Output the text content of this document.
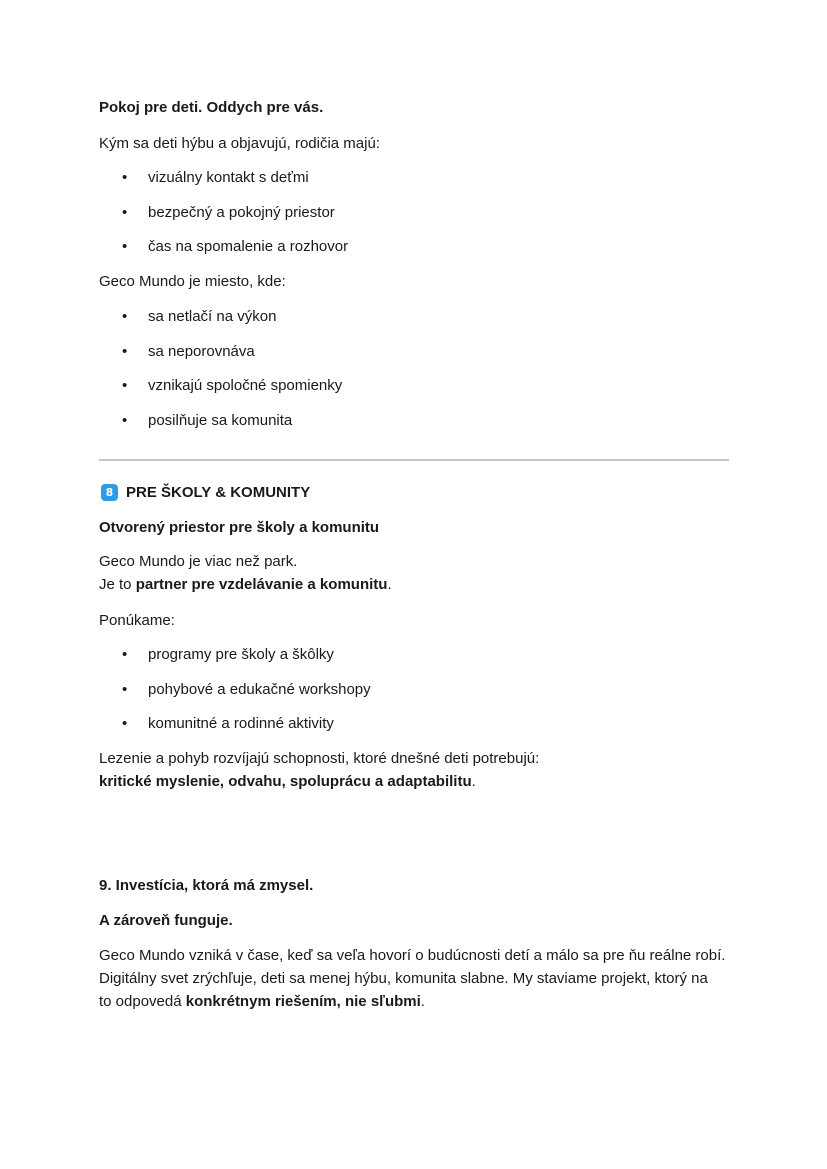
Pokoj pre deti. Oddych pre vás.
Kým sa deti hýbu a objavujú, rodičia majú:
• vizuálny kontakt s deťmi
• bezpečný a pokojný priestor
• čas na spomalenie a rozhovor
Geco Mundo je miesto, kde:
• sa netlačí na výkon
• sa neporovnáva
• vznikajú spoločné spomienky
• posilňuje sa komunita
8 PRE ŠKOLY & KOMUNITY
Otvorený priestor pre školy a komunitu
Geco Mundo je viac než park.
Je to partner pre vzdelávanie a komunitu.
Ponúkame:
• programy pre školy a škôlky
• pohybové a edukačné workshopy
• komunitné a rodinné aktivity
Lezenie a pohyb rozvíjajú schopnosti, ktoré dnešné deti potrebujú:
kritické myslenie, odvahu, spoluprácu a adaptabilitu.
9. Investícia, ktorá má zmysel.
A zároveň funguje.
Geco Mundo vzniká v čase, keď sa veľa hovorí o budúcnosti detí a málo sa pre ňu reálne robí.
Digitálny svet zrýchľuje, deti sa menej hýbu, komunita slabne. My staviame projekt, ktorý na
to odpovedá konkrétnym riešením, nie sľubmi.
